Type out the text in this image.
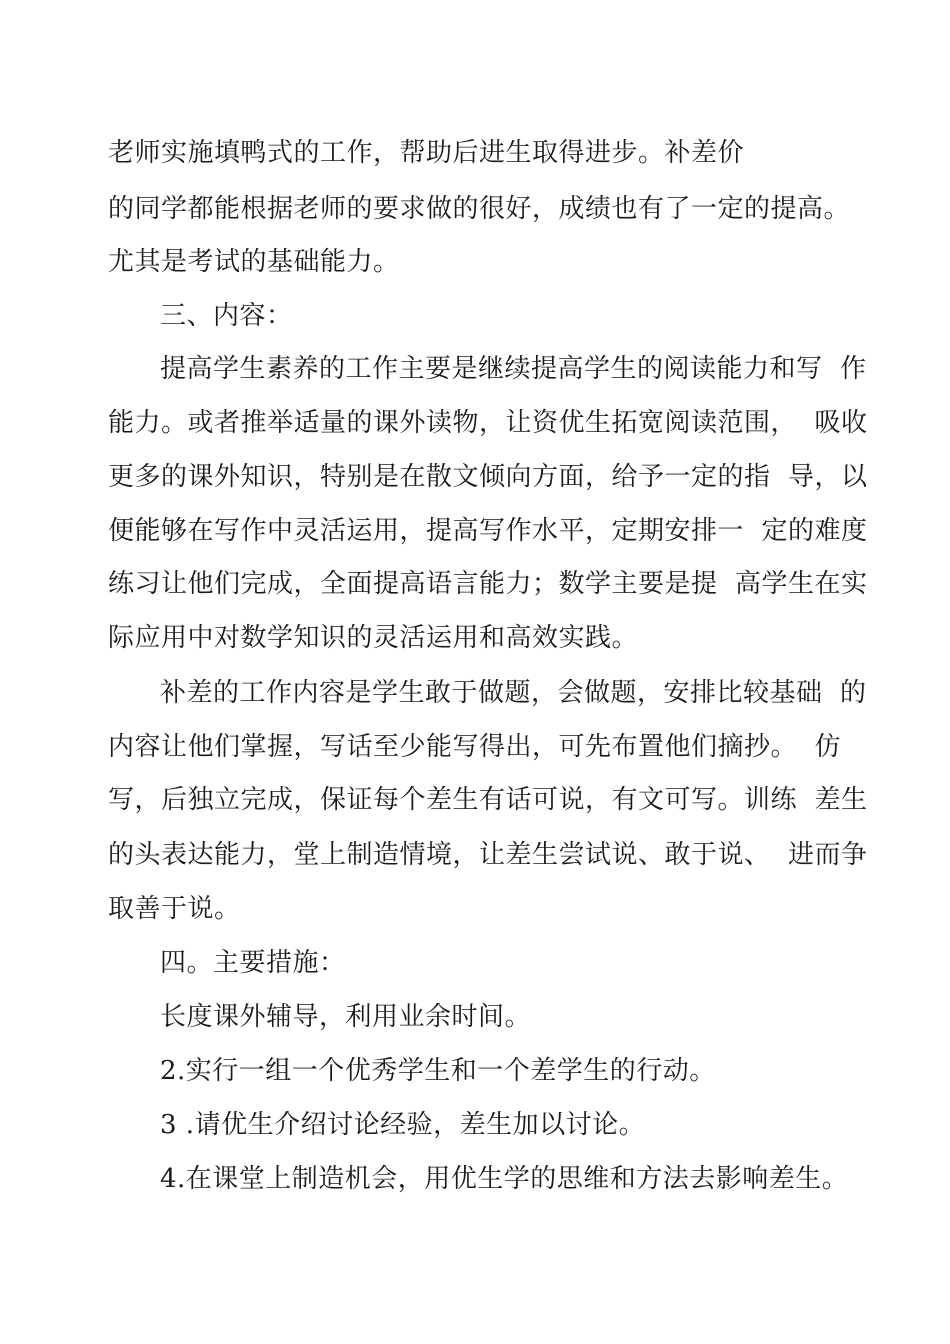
老师实施填鸭式的工作，帮助后进生取得进步。补差价
的同学都能根据老师的要求做的很好，成绩也有了一定的提高。
尤其是考试的基础能力。
三、内容：
提高学生素养的工作主要是继续提高学生的阅读能力和写  作
能力。或者推举适量的课外读物，让资优生拓宽阅读范围，  吸收
更多的课外知识，特别是在散文倾向方面，给予一定的指  导，以
便能够在写作中灵活运用，提高写作水平，定期安排一  定的难度
练习让他们完成，全面提高语言能力；数学主要是提  高学生在实
际应用中对数学知识的灵活运用和高效实践。
补差的工作内容是学生敢于做题，会做题，安排比较基础  的
内容让他们掌握，写话至少能写得出，可先布置他们摘抄。  仿
写，后独立完成，保证每个差生有话可说，有文可写。训练  差生
的头表达能力，堂上制造情境，让差生尝试说、敢于说、  进而争
取善于说。
四。主要措施：
长度课外辅导，利用业余时间。
2.实行一组一个优秀学生和一个差学生的行动。
3 .请优生介绍讨论经验，差生加以讨论。
4.在课堂上制造机会，用优生学的思维和方法去影响差生。
